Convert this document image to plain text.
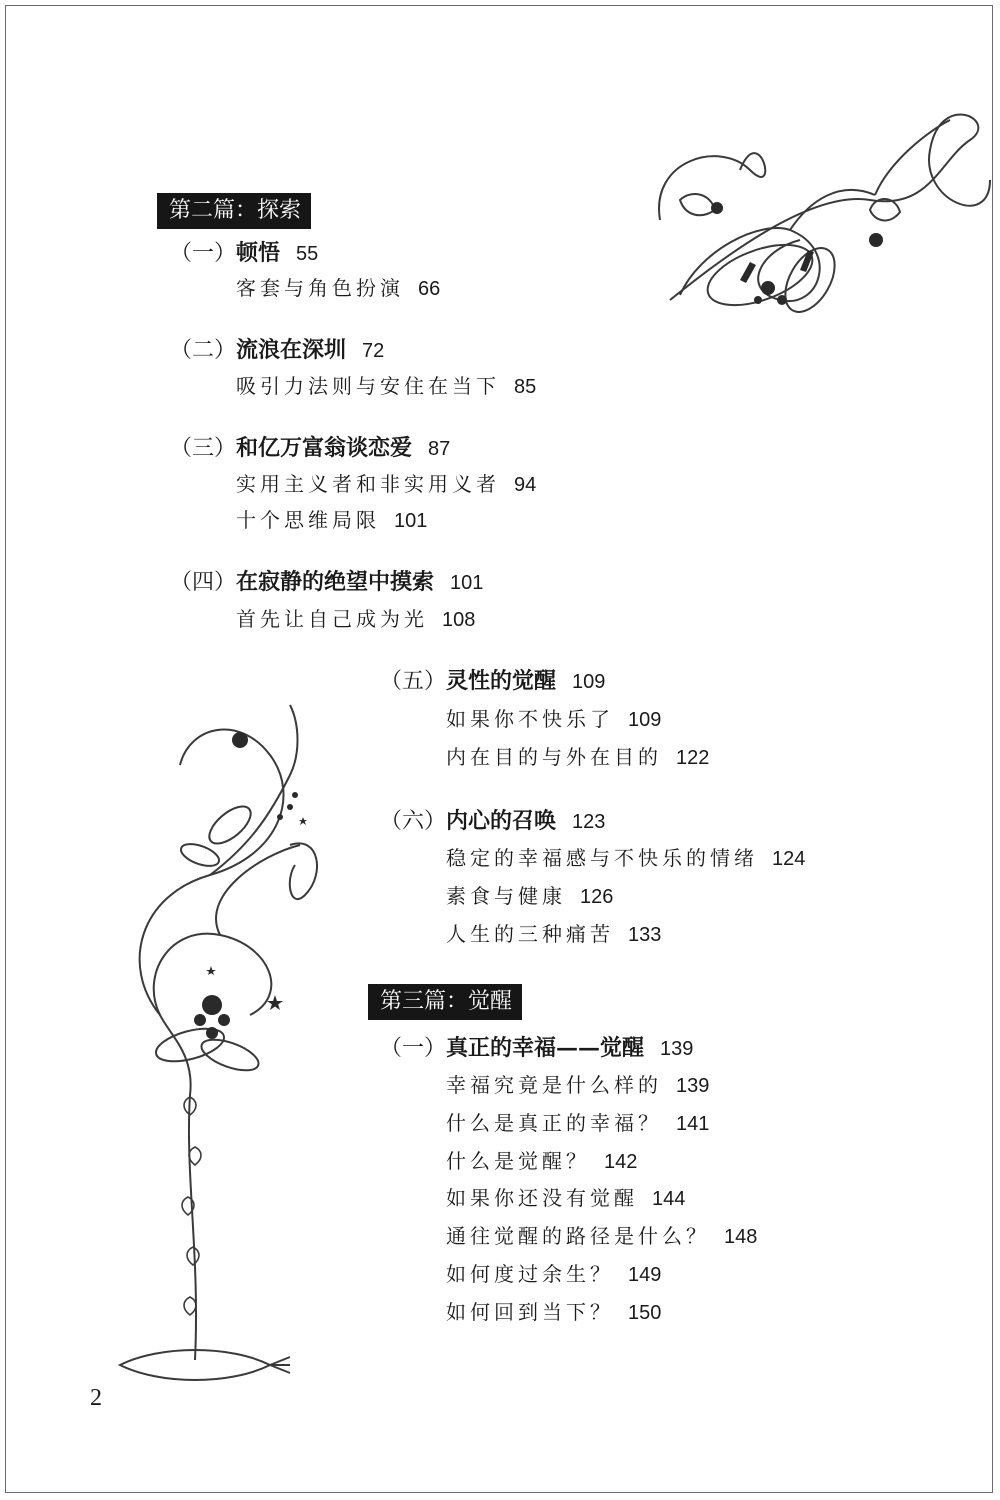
第二篇：探索
（一）顿悟 55
客套与角色扮演 66
（二）流浪在深圳 72
吸引力法则与安住在当下 85
（三）和亿万富翁谈恋爱 87
实用主义者和非实用义者 94
十个思维局限 101
（四）在寂静的绝望中摸索 101
首先让自己成为光 108
（五）灵性的觉醒 109
如果你不快乐了 109
内在目的与外在目的 122
（六）内心的召唤 123
稳定的幸福感与不快乐的情绪 124
素食与健康 126
人生的三种痛苦 133
第三篇：觉醒
（一）真正的幸福——觉醒 139
幸福究竟是什么样的 139
什么是真正的幸福？ 141
什么是觉醒？ 142
如果你还没有觉醒 144
通往觉醒的路径是什么？ 148
如何度过余生？ 149
如何回到当下？ 150
2
